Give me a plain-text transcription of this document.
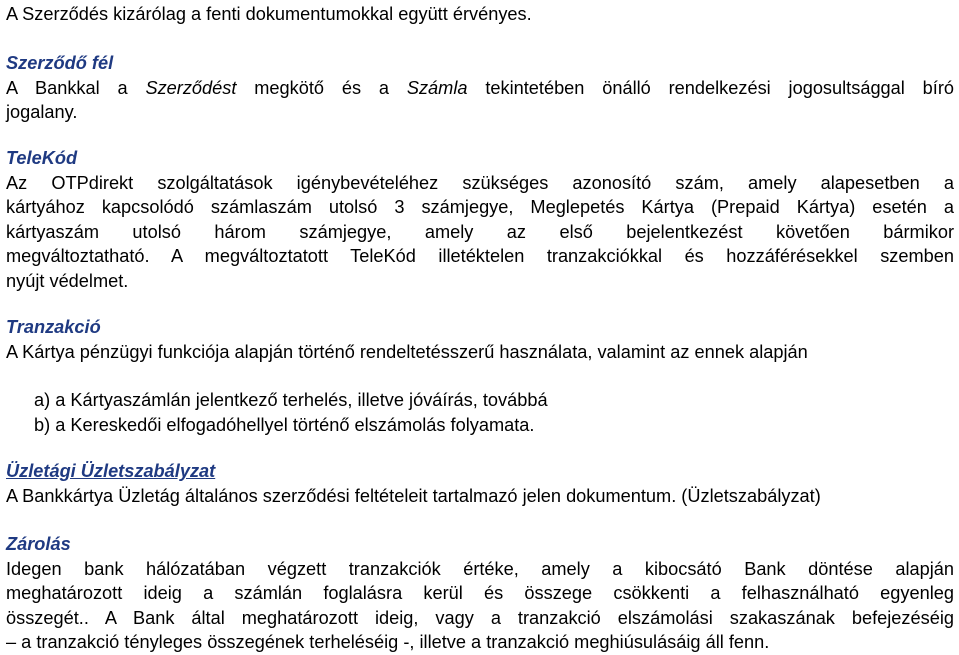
A Szerződés kizárólag a fenti dokumentumokkal együtt érvényes.

Szerződő fél
A Bankkal a Szerződést megkötő és a Számla tekintetében önálló rendelkezési jogosultsággal bíró
jogalany.
TeleKód
Az OTPdirekt szolgáltatások igénybevételéhez szükséges azonosító szám, amely alapesetben a
kártyához kapcsolódó számlaszám utolsó 3 számjegye, Meglepetés Kártya (Prepaid Kártya) esetén a
kártyaszám utolsó három számjegye, amely az első bejelentkezést követően bármikor
megváltoztatható. A megváltoztatott TeleKód illetéktelen tranzakciókkal és hozzáférésekkel szemben
nyújt védelmet.
Tranzakció
A Kártya pénzügyi funkciója alapján történő rendeltetésszerű használata, valamint az ennek alapján
a) a Kártyaszámlán jelentkező terhelés, illetve jóváírás, továbbá
b) a Kereskedői elfogadóhellyel történő elszámolás folyamata.
Üzletági Üzletszabályzat
A Bankkártya Üzletág általános szerződési feltételeit tartalmazó jelen dokumentum. (Üzletszabályzat)
Zárolás
Idegen bank hálózatában végzett tranzakciók értéke, amely a kibocsátó Bank döntése alapján
meghatározott ideig a számlán foglalásra kerül és összege csökkenti a felhasználható egyenleg
összegét.. A Bank által meghatározott ideig, vagy a tranzakció elszámolási szakaszának befejezéséig
– a tranzakció tényleges összegének terheléséig -, illetve a tranzakció meghiúsulásáig áll fenn.
